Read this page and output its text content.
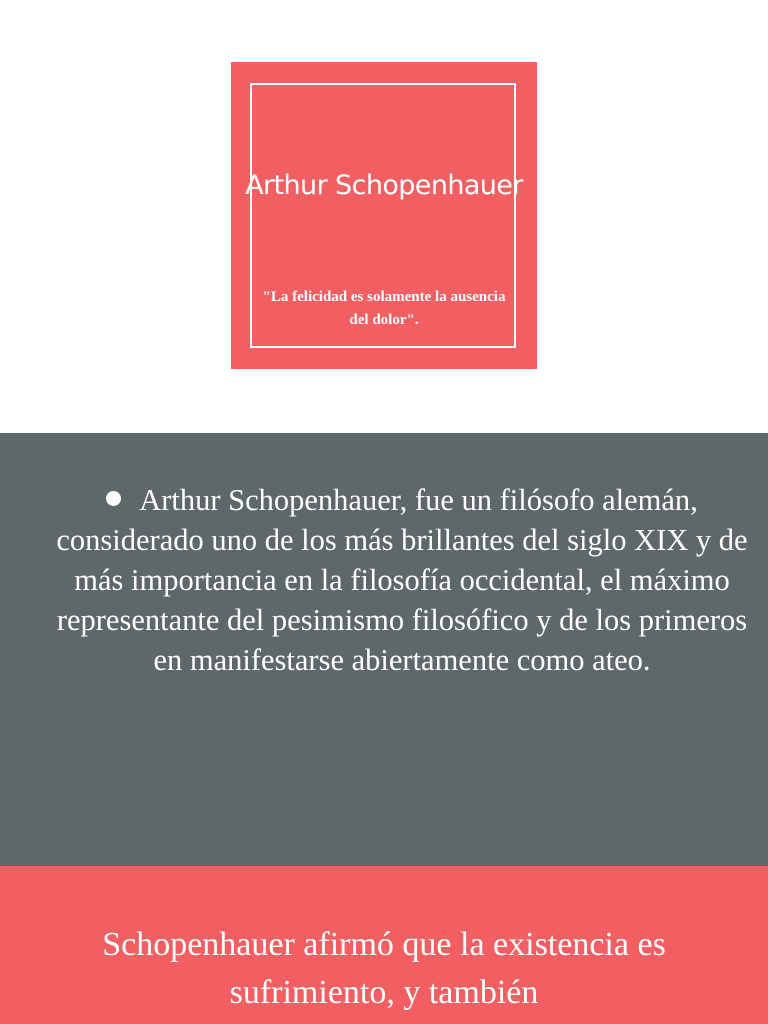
Arthur Schopenhauer
"La felicidad es solamente la ausencia del dolor".

Arthur Schopenhauer, fue un filósofo alemán, considerado uno de los más brillantes del siglo XIX y de más importancia en la filosofía occidental, el máximo representante del pesimismo filosófico y de los primeros en manifestarse abiertamente como ateo.

Schopenhauer afirmó que la existencia es sufrimiento, y también
